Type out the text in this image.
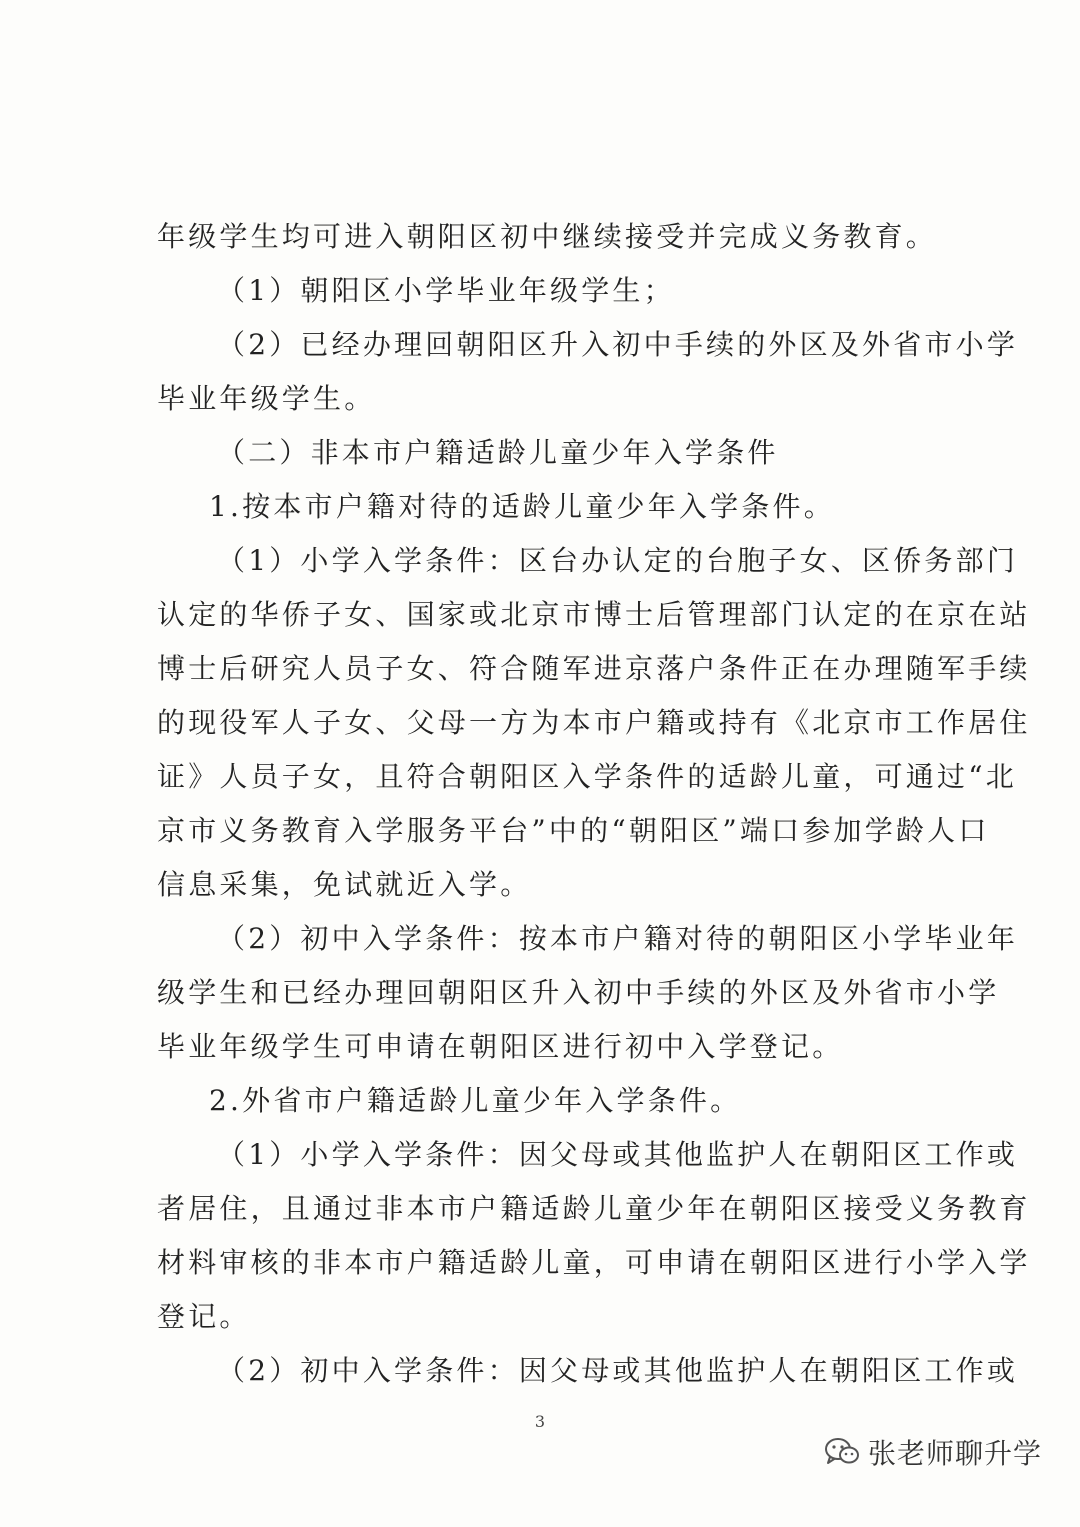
年级学生均可进入朝阳区初中继续接受并完成义务教育。
（1）朝阳区小学毕业年级学生；
（2）已经办理回朝阳区升入初中手续的外区及外省市小学
毕业年级学生。
（二）非本市户籍适龄儿童少年入学条件
1.按本市户籍对待的适龄儿童少年入学条件。
（1）小学入学条件：区台办认定的台胞子女、区侨务部门
认定的华侨子女、国家或北京市博士后管理部门认定的在京在站
博士后研究人员子女、符合随军进京落户条件正在办理随军手续
的现役军人子女、父母一方为本市户籍或持有《北京市工作居住
证》人员子女，且符合朝阳区入学条件的适龄儿童，可通过“北
京市义务教育入学服务平台”中的“朝阳区”端口参加学龄人口
信息采集，免试就近入学。
（2）初中入学条件：按本市户籍对待的朝阳区小学毕业年
级学生和已经办理回朝阳区升入初中手续的外区及外省市小学
毕业年级学生可申请在朝阳区进行初中入学登记。
2.外省市户籍适龄儿童少年入学条件。
（1）小学入学条件：因父母或其他监护人在朝阳区工作或
者居住，且通过非本市户籍适龄儿童少年在朝阳区接受义务教育
材料审核的非本市户籍适龄儿童，可申请在朝阳区进行小学入学
登记。
（2）初中入学条件：因父母或其他监护人在朝阳区工作或
3
张老师聊升学
